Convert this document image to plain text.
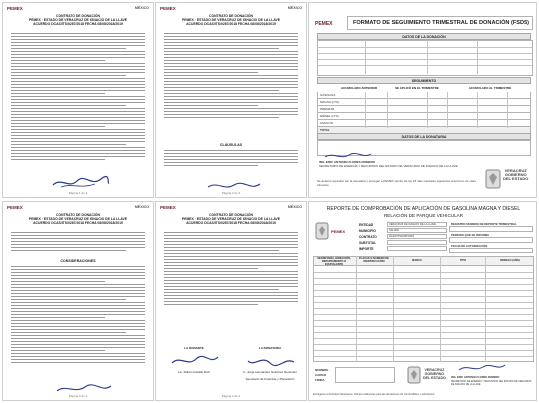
PEMEX	MÉXICO
CONTRATO DE DONACIÓN
PEMEX · ESTADO DE VERACRUZ DE IGNACIO DE LA LLAVE
ACUERDO DCAS/ITS/0287/2018 FECHA 08/08/2018/2019
Página 1 de 4
PEMEX	MÉXICO
CONTRATO DE DONACIÓN
PEMEX · ESTADO DE VERACRUZ DE IGNACIO DE LA LLAVE
ACUERDO DCAS/ITS/0287/2018 FECHA 08/08/2018/2019
CLÁUSULAS
Página 2 de 4
PEMEX	FORMATO DE SEGUIMIENTO TRIMESTRAL DE DONACIÓN (FSD5)
DATOS DE LA DONACIÓN
SEGUIMIENTO
ACUMULADO ANTERIOR	SE APLICÓ EN EL TRIMESTRE	ACUMULADO AL TRIMESTRE
GASOLINA
MAGNA (LTS)
PREMIUM
DIÉSEL (LTS)
ASFALTO
TOTAL
DATOS DE LA DONATARIA
ING. ERIC ANTONIO FLORES ROMERO
SECRETARIO DE ENERGÍA Y RECURSOS DEL ESTADO DE VERACRUZ DE IGNACIO DE LA LLAVE
Se deberá requisitar por la donataria y entregar a PEMEX dentro de los 15 días naturales siguientes al término de cada trimestre.
VERACRUZ
GOBIERNO
DEL ESTADO
PEMEX	MÉXICO
CONTRATO DE DONACIÓN
PEMEX · ESTADO DE VERACRUZ DE IGNACIO DE LA LLAVE
ACUERDO DCAS/ITS/0287/2018 FECHA 08/08/2018/2019
CONSIDERACIONES
Página 3 de 4
PEMEX	MÉXICO
CONTRATO DE DONACIÓN
PEMEX · ESTADO DE VERACRUZ DE IGNACIO DE LA LLAVE
ACUERDO DCAS/ITS/0287/2018 FECHA 08/08/2018/2019
LA DONANTE	LA DONATARIA
Lic. Rubén Castillo Ruiz	C. Jorge Hernández Gutiérrez Nenonetz
Secretario de Finanzas y Planeación
Página 4 de 4
REPORTE DE COMPROBACIÓN DE APLICACIÓN DE GASOLINA MAGNA Y DIESEL
RELACIÓN DE PARQUE VEHICULAR
PEMEX
ENTIDAD	VERACRUZ DE IGNACIO DE LA LLAVE
MUNICIPIO	XALAPA
CONTRATO	DCAS/ITS/0287/2018
SUBTOTAL
IMPORTE
REGISTRO NUMERO DE REPORTE TRIMESTRAL
PERIODO QUE SE INFORMA
FECHA DE AUTORIZACIÓN
SECRETARÍA, DIRECCIÓN, DEPARTAMENTO O EQUIVALENTE
PLACAS O NUMERO DE IDENTIFICACIÓN	MARCA	TIPO	MODELO (AÑO)
NOMBRE
CARGO
FIRMA
VERACRUZ
GOBIERNO
DEL ESTADO ING. ERIC ANTONIO FLORES ROMERO
SECRETARIO DE ENERGÍA Y RECURSOS DEL ESTADO DE VERACRUZ DE IGNACIO DE LA LLAVE
Entregarse a Petróleos Mexicanos. Deberá elaborarse para las donaciones de combustibles y lubricantes.
